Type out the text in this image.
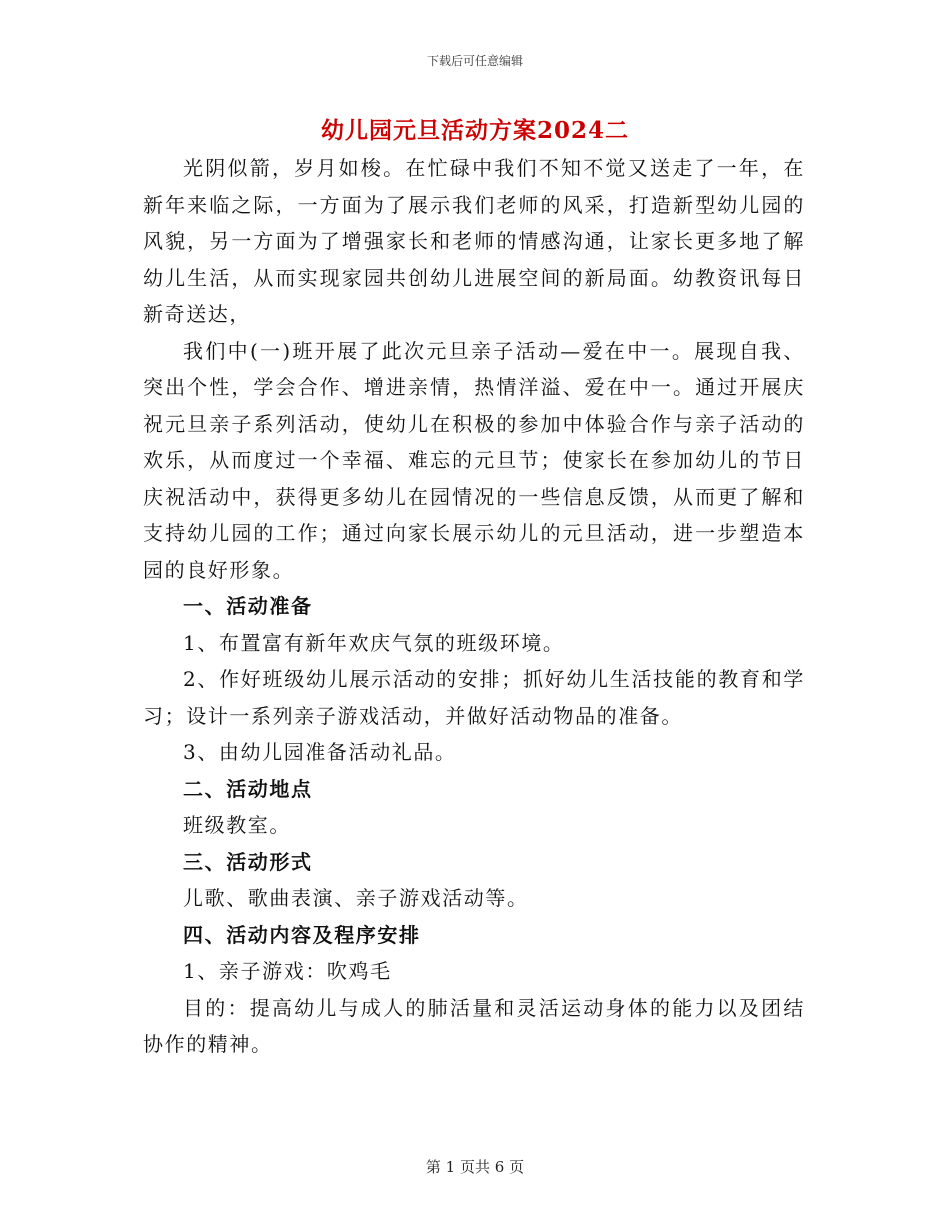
下载后可任意编辑
幼儿园元旦活动方案2024二

光阴似箭，岁月如梭。在忙碌中我们不知不觉又送走了一年，在新年来临之际，一方面为了展示我们老师的风采，打造新型幼儿园的风貌，另一方面为了增强家长和老师的情感沟通，让家长更多地了解幼儿生活，从而实现家园共创幼儿进展空间的新局面。幼教资讯每日新奇送达，

我们中(一)班开展了此次元旦亲子活动—爱在中一。展现自我、突出个性，学会合作、增进亲情，热情洋溢、爱在中一。通过开展庆祝元旦亲子系列活动，使幼儿在积极的参加中体验合作与亲子活动的欢乐，从而度过一个幸福、难忘的元旦节；使家长在参加幼儿的节日庆祝活动中，获得更多幼儿在园情况的一些信息反馈，从而更了解和支持幼儿园的工作；通过向家长展示幼儿的元旦活动，进一步塑造本园的良好形象。

一、活动准备

1、布置富有新年欢庆气氛的班级环境。

2、作好班级幼儿展示活动的安排；抓好幼儿生活技能的教育和学习；设计一系列亲子游戏活动，并做好活动物品的准备。

3、由幼儿园准备活动礼品。

二、活动地点

班级教室。

三、活动形式

儿歌、歌曲表演、亲子游戏活动等。

四、活动内容及程序安排

1、亲子游戏：吹鸡毛

目的：提高幼儿与成人的肺活量和灵活运动身体的能力以及团结协作的精神。

第 1 页共 6 页
